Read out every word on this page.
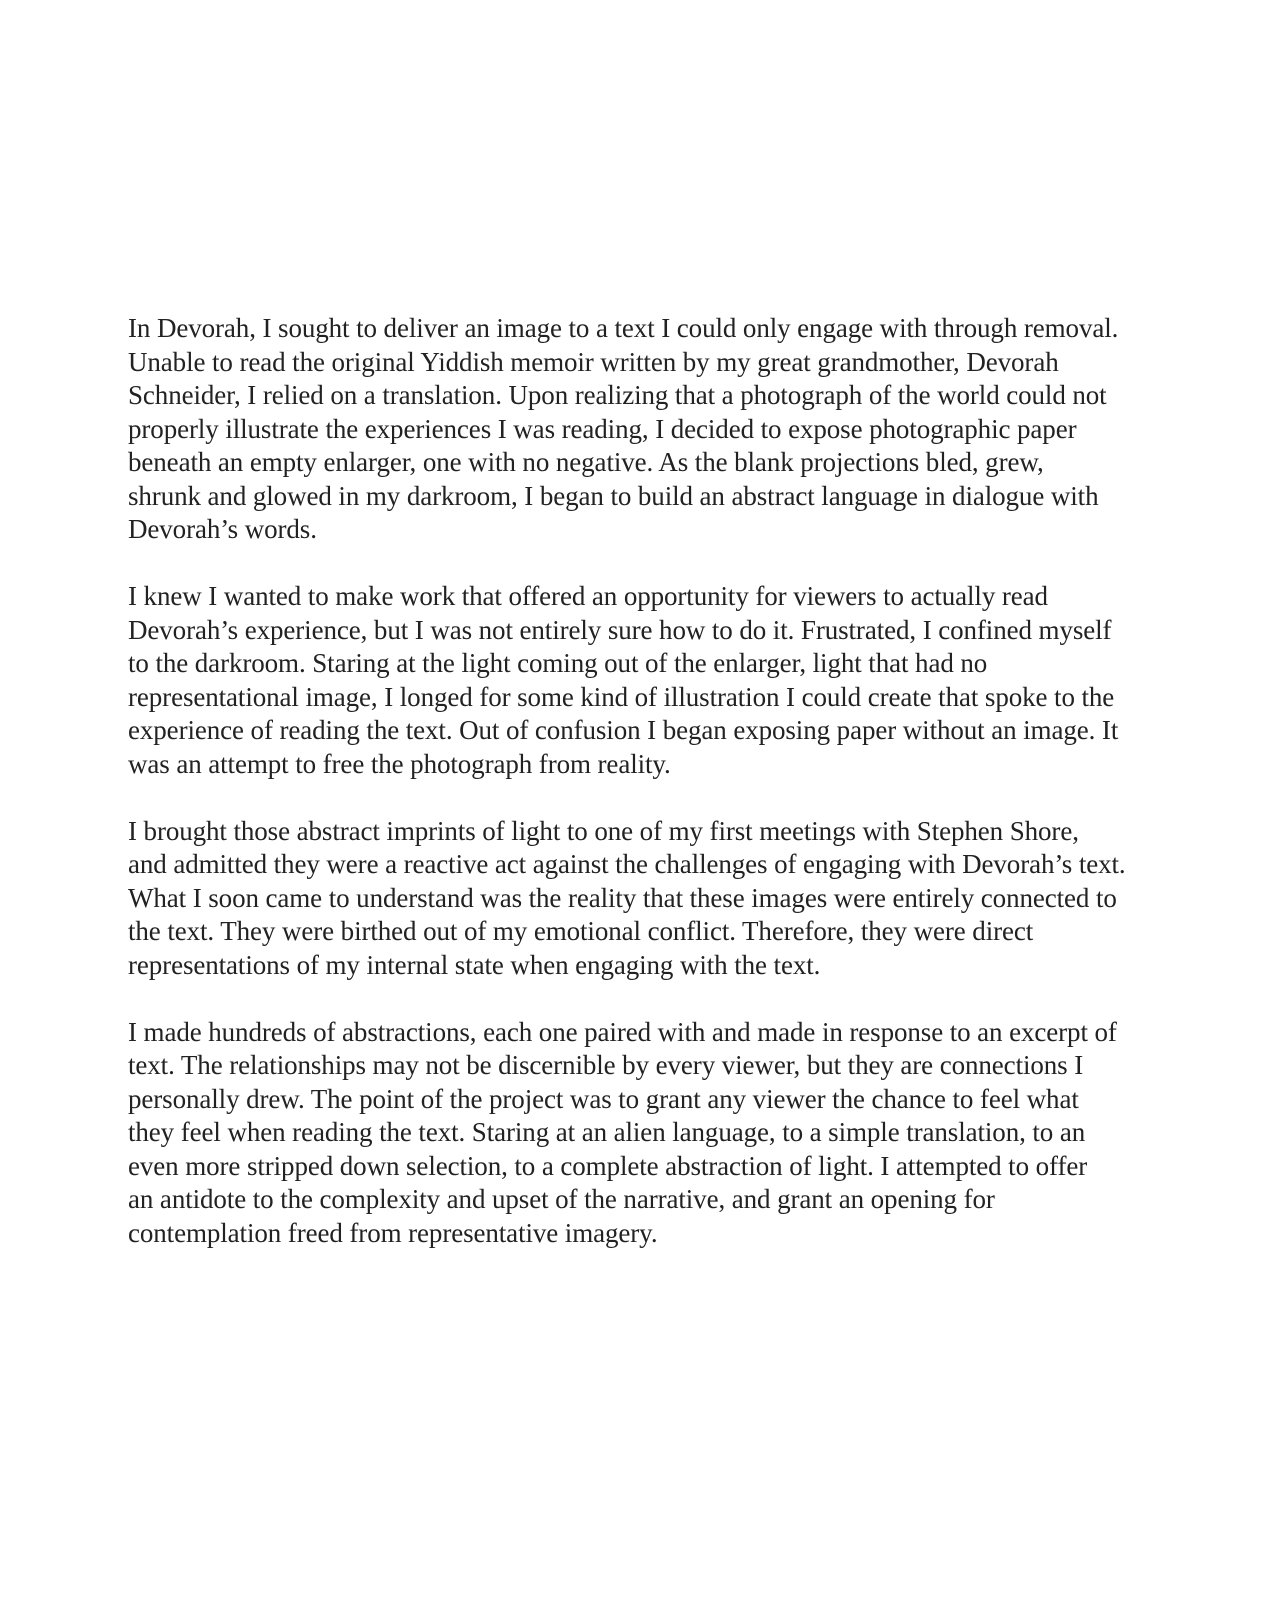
In Devorah, I sought to deliver an image to a text I could only engage with through removal.
Unable to read the original Yiddish memoir written by my great grandmother, Devorah
Schneider, I relied on a translation. Upon realizing that a photograph of the world could not
properly illustrate the experiences I was reading, I decided to expose photographic paper
beneath an empty enlarger, one with no negative. As the blank projections bled, grew,
shrunk and glowed in my darkroom, I began to build an abstract language in dialogue with
Devorah’s words.

I knew I wanted to make work that offered an opportunity for viewers to actually read
Devorah’s experience, but I was not entirely sure how to do it. Frustrated, I confined myself
to the darkroom. Staring at the light coming out of the enlarger, light that had no
representational image, I longed for some kind of illustration I could create that spoke to the
experience of reading the text. Out of confusion I began exposing paper without an image. It
was an attempt to free the photograph from reality.

I brought those abstract imprints of light to one of my first meetings with Stephen Shore,
and admitted they were a reactive act against the challenges of engaging with Devorah’s text.
What I soon came to understand was the reality that these images were entirely connected to
the text. They were birthed out of my emotional conflict. Therefore, they were direct
representations of my internal state when engaging with the text.

I made hundreds of abstractions, each one paired with and made in response to an excerpt of
text. The relationships may not be discernible by every viewer, but they are connections I
personally drew. The point of the project was to grant any viewer the chance to feel what
they feel when reading the text. Staring at an alien language, to a simple translation, to an
even more stripped down selection, to a complete abstraction of light. I attempted to offer
an antidote to the complexity and upset of the narrative, and grant an opening for
contemplation freed from representative imagery.
